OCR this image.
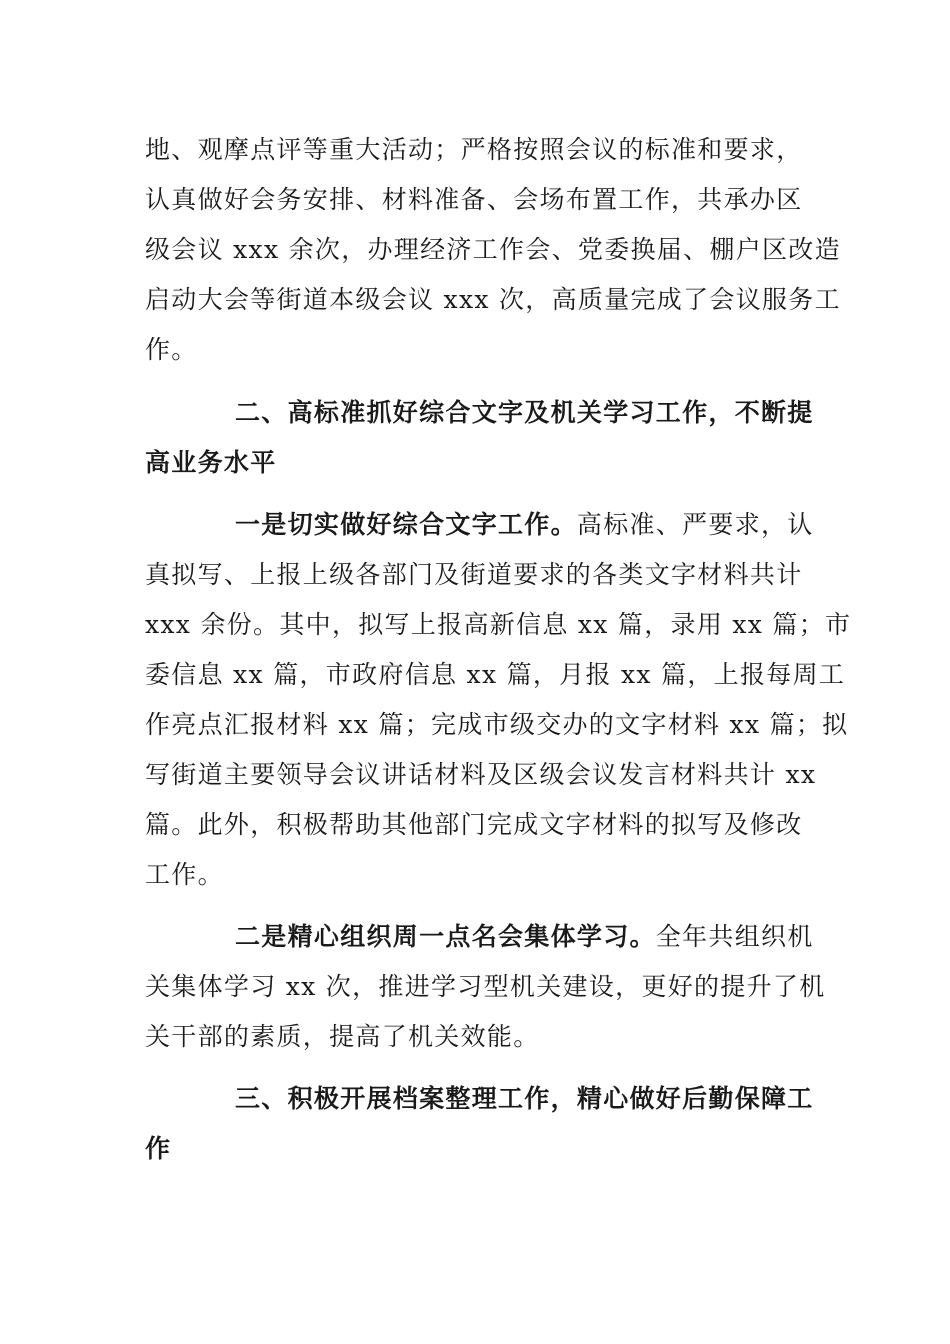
地、观摩点评等重大活动；严格按照会议的标准和要求，
认真做好会务安排、材料准备、会场布置工作，共承办区
级会议 xxx 余次，办理经济工作会、党委换届、棚户区改造
启动大会等街道本级会议 xxx 次，高质量完成了会议服务工
作。
二、高标准抓好综合文字及机关学习工作，不断提
高业务水平
一是切实做好综合文字工作。高标准、严要求，认
真拟写、上报上级各部门及街道要求的各类文字材料共计
xxx 余份。其中，拟写上报高新信息 xx 篇，录用 xx 篇；市
委信息 xx 篇，市政府信息 xx 篇，月报 xx 篇，上报每周工
作亮点汇报材料 xx 篇；完成市级交办的文字材料 xx 篇；拟
写街道主要领导会议讲话材料及区级会议发言材料共计 xx
篇。此外，积极帮助其他部门完成文字材料的拟写及修改
工作。
二是精心组织周一点名会集体学习。全年共组织机
关集体学习 xx 次，推进学习型机关建设，更好的提升了机
关干部的素质，提高了机关效能。
三、积极开展档案整理工作，精心做好后勤保障工
作
